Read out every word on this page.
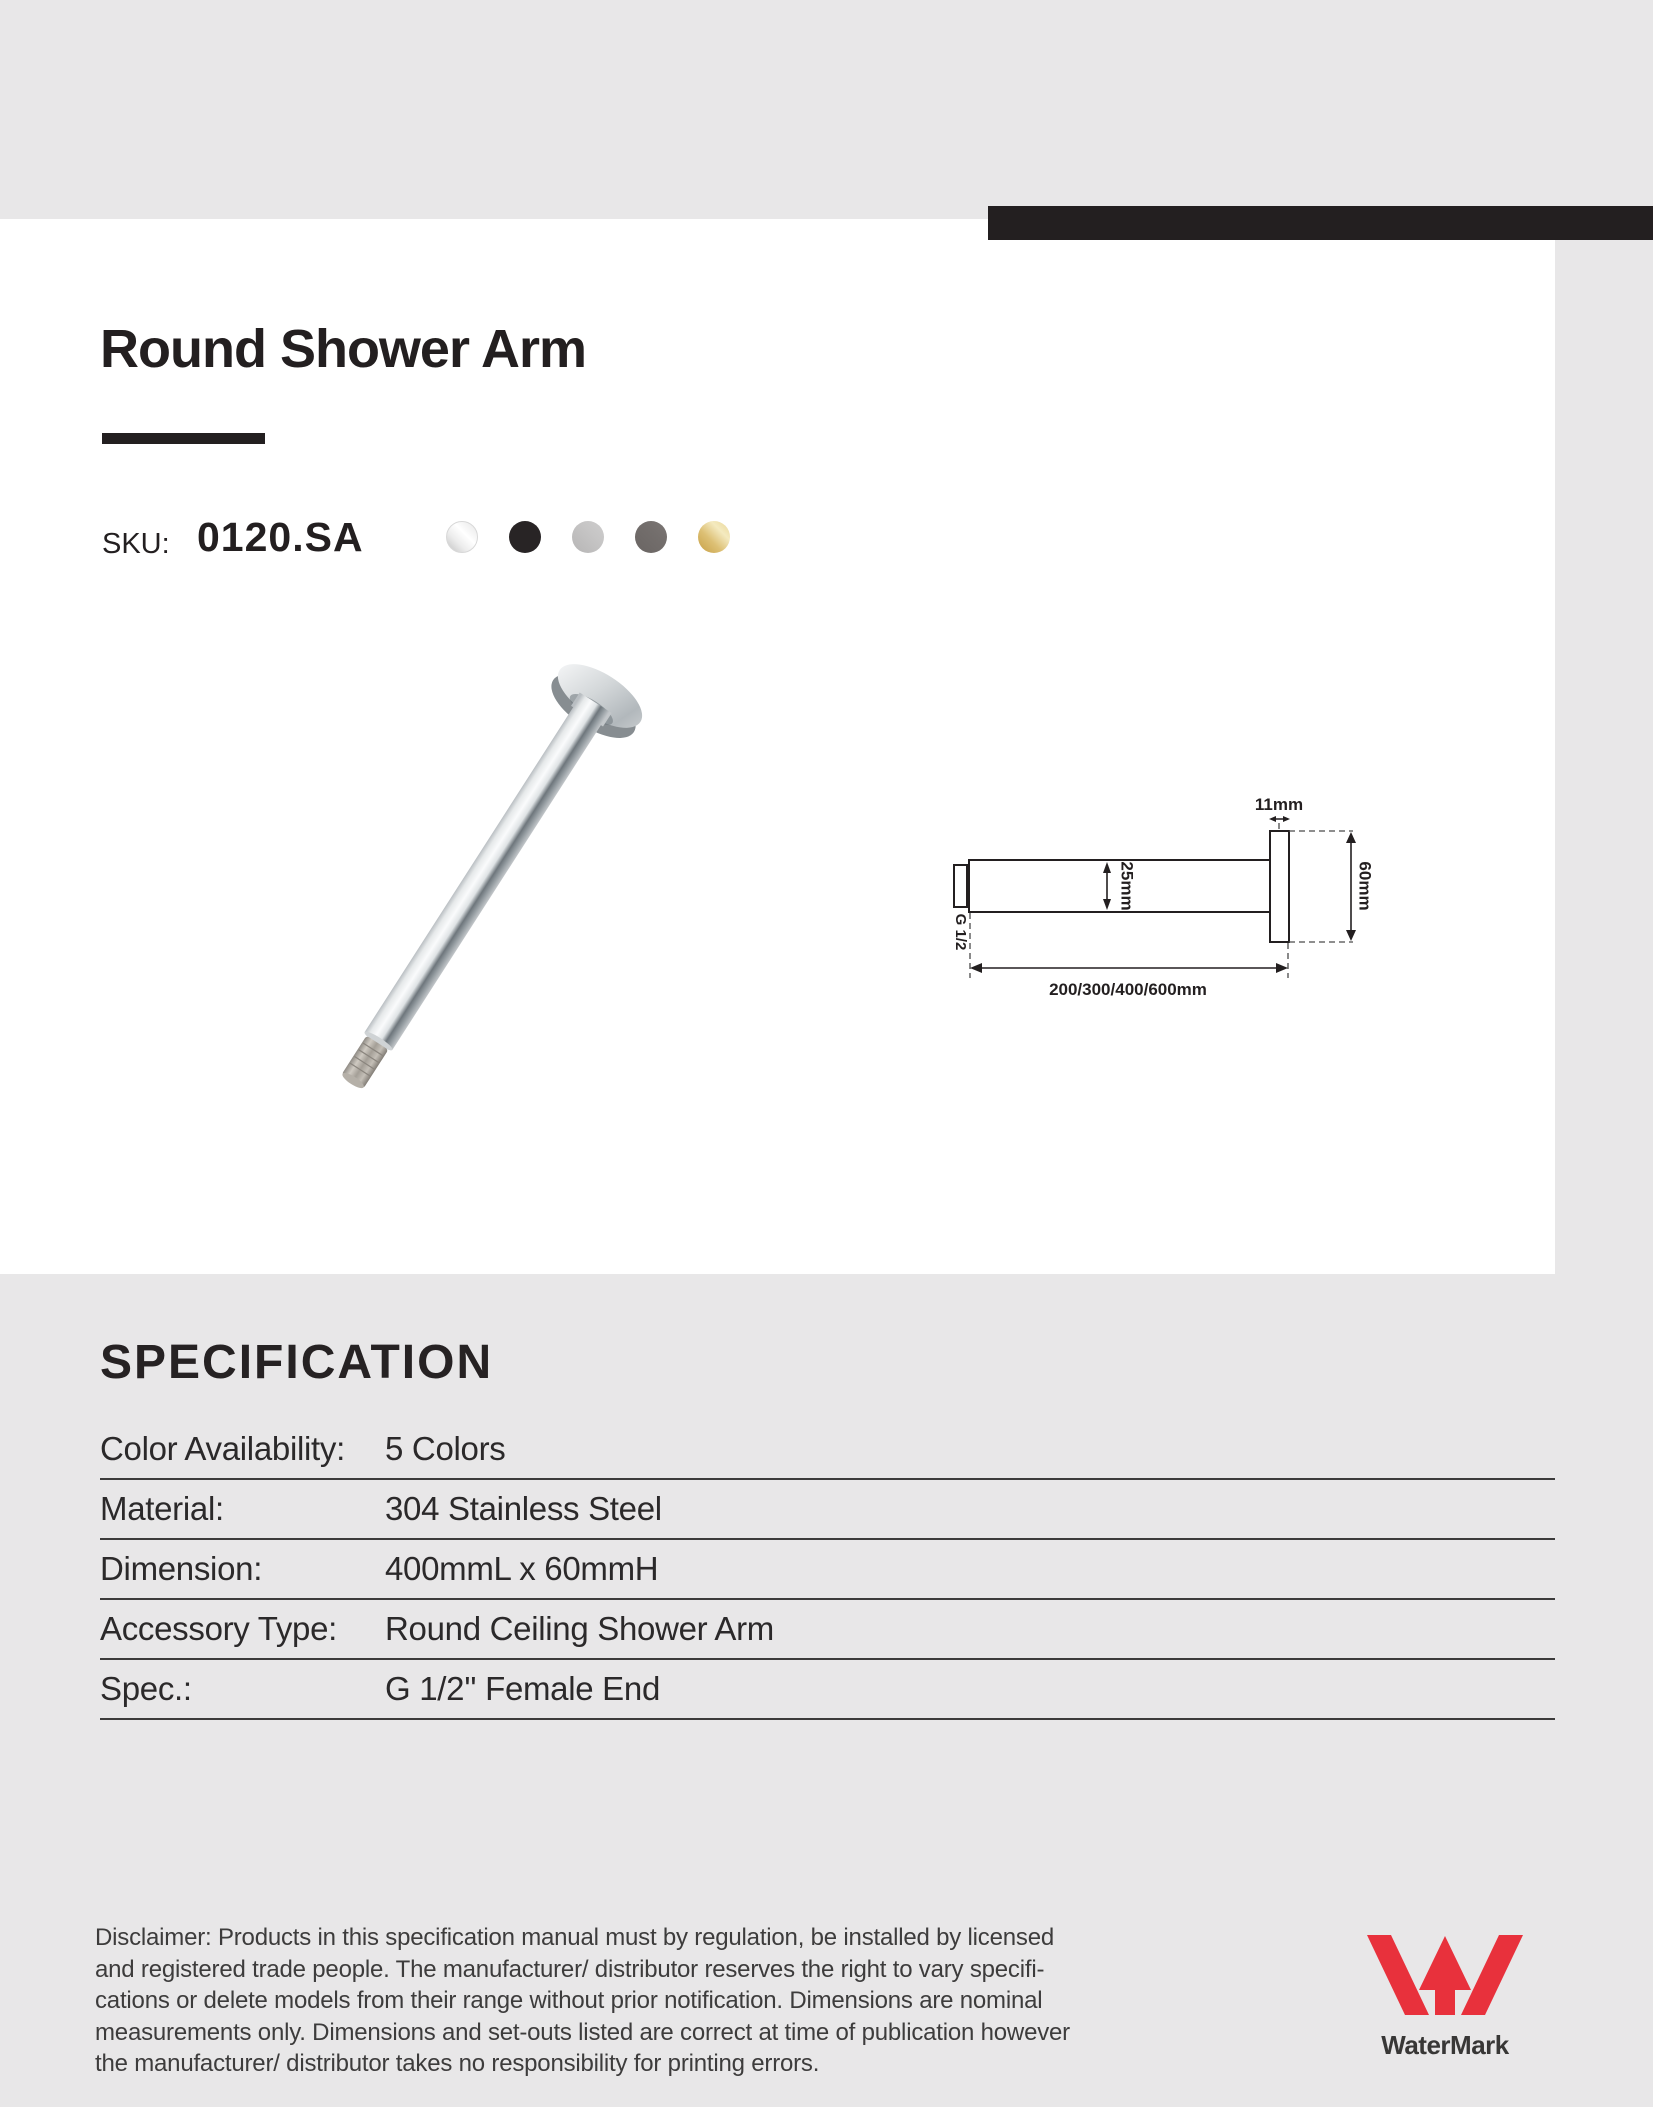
Round Shower Arm
SKU: 0120.SA
11mm
60mm
25mm
G 1/2
200/300/400/600mm
SPECIFICATION
Color Availability:	5 Colors
Material:	304 Stainless Steel
Dimension:	400mmL x 60mmH
Accessory Type:	Round Ceiling Shower Arm
Spec.:	G 1/2'' Female End
Disclaimer: Products in this specification manual must by regulation, be installed by licensed
and registered trade people. The manufacturer/ distributor reserves the right to vary specifi-
cations or delete models from their range without prior notification. Dimensions are nominal
measurements only. Dimensions and set-outs listed are correct at time of publication however
the manufacturer/ distributor takes no responsibility for printing errors.
WaterMark
